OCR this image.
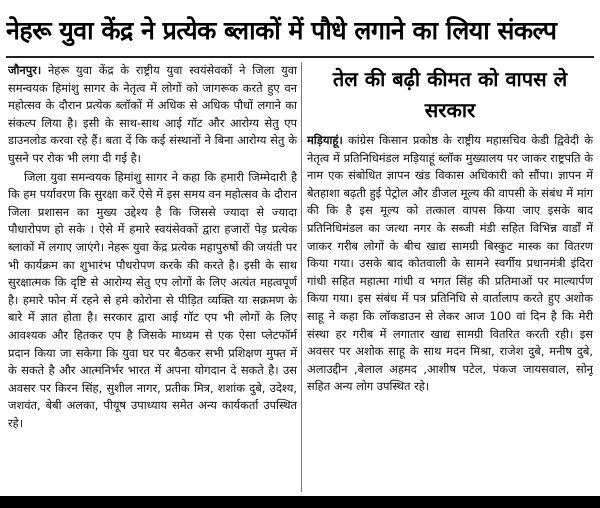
नेहरू युवा केंद्र ने प्रत्येक ब्लाकों में पौधे लगाने का लिया संकल्प

जौनपुर। नेहरू युवा केंद्र के राष्ट्रीय युवा स्वयंसेवकों ने जिला युवा समन्वयक हिमांशु सागर के नेतृत्व में लोगों को जागरूक करते हुए वन महोत्सव के दौरान प्रत्येक ब्लॉकों में अधिक से अधिक पौधों लगाने का संकल्प लिया है। इसी के साथ-साथ आई गॉट और आरोग्य सेतु एप डाउनलोड करवा रहे हैं। बता दें कि कई संस्थानों ने बिना आरोग्य सेतु के घुसने पर रोक भी लगा दी गई है।

जिला युवा समन्वयक हिमांशु सागर ने कहा कि हमारी जिम्मेदारी है कि हम पर्यावरण कि सुरक्षा करें ऐसे में इस समय वन महोत्सव के दौरान जिला प्रशासन का मुख्य उद्देश्य है कि जिससे ज्यादा से ज्यादा पौधारोपण हो सके । ऐसे में हमारे स्वयंसेवकों द्वारा हजारों पेड़ प्रत्येक ब्लाकों में लगाए जाएंगे। नेहरू युवा केंद्र प्रत्येक महापुरुषों की जयंती पर भी कार्यक्रम का शुभारंभ पौधरोपण करके की करते है। इसी के साथ सुरक्षात्मक कि दृष्टि से आरोग्य सेतु एप लोगों के लिए अत्यंत महत्वपूर्ण है। हमारे फोन में रहने से हमे कोरोना से पीड़ित व्यक्ति या सक्रमण के बारे में ज्ञात होता है। सरकार द्वारा आई गॉट एप भी लोगों के लिए आवश्यक और हितकर एप है जिसके माध्यम से एक ऐसा प्लेटफॉर्म प्रदान किया जा सकेगा कि युवा घर पर बैठकर सभी प्रशिक्षण मुफ्त में के सकते है और आत्मनिर्भर भारत में अपना योगदान दे सकते है। उस अवसर पर किरन सिंह, सुशील नागर, प्रतीक मित्र, शशांक दुबे, उदेश्य, जशवंत, बेबी अलका, पीयूष उपाध्याय समेत अन्य कार्यकर्ता उपस्थित रहे।

तेल की बढ़ी कीमत को वापस ले सरकार

मड़ियाहूं। कांग्रेस किसान प्रकोष्ठ के राष्ट्रीय महासचिव केडी द्विवेदी के नेतृत्व में प्रतिनिधिमंडल मड़ियाहूं ब्लॉक मुख्यालय पर जाकर राष्ट्रपति के नाम एक संबोधित ज्ञापन खंड विकास अधिकारी को सौंपा। ज्ञापन में बेतहाशा बढ़ती हुई पेट्रोल और डीजल मूल्य की वापसी के संबंध में मांग की कि है इस मूल्य को तत्काल वापस किया जाए इसके बाद प्रतिनिधिमंडल का जत्था नगर के सब्जी मंडी सहित विभिन्न वार्डों में जाकर गरीब लोगों के बीच खाद्य सामग्री बिस्कुट मास्क का वितरण किया गया। उसके बाद कोतवाली के सामने स्वर्गीय प्रधानमंत्री इंदिरा गांधी सहित महात्मा गांधी व भगत सिंह की प्रतिमाओं पर माल्यार्पण किया गया। इस संबंध में पत्र प्रतिनिधि से वार्तालाप करते हुए अशोक साहू ने कहा कि लॉकडाउन से लेकर आज 100 वां दिन है कि मेरी संस्था हर गरीब में लगातार खाद्य सामग्री वितरित करती रही। इस अवसर पर अशोक साहू के साथ मदन मिश्रा, राजेश दुबे, मनीष दुबे, अलाउद्दीन ,बेलाल अहमद ,आशीष पटेल, पंकज जायसवाल, सोनू सहित अन्य लोग उपस्थित रहे।
